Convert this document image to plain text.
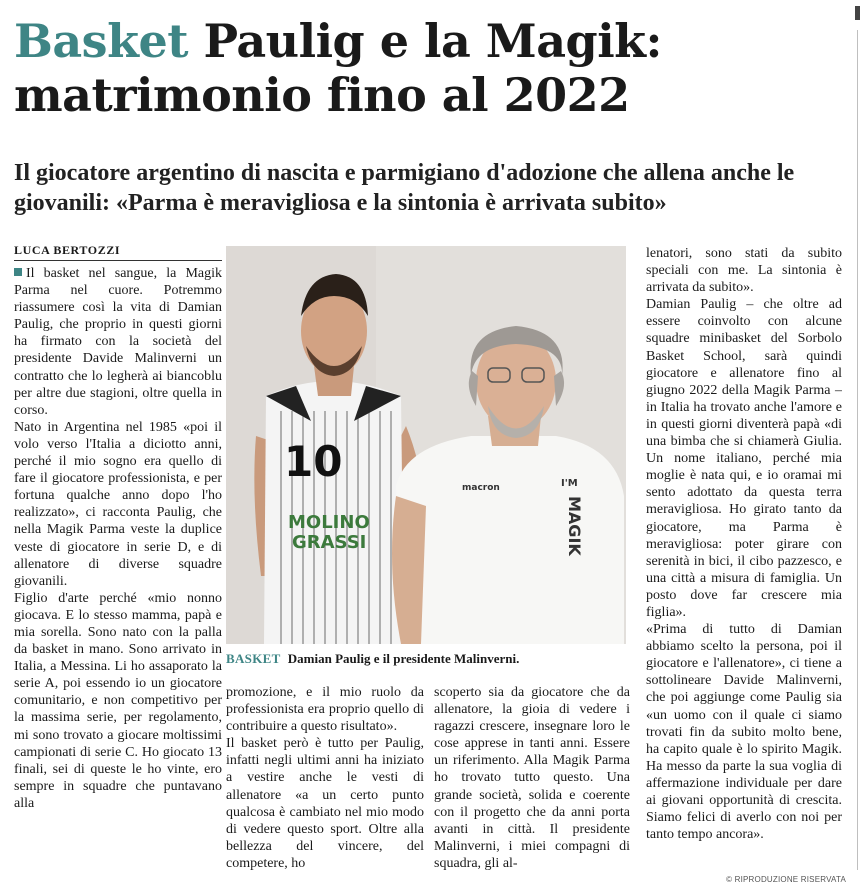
Basket Paulig e la Magik: matrimonio fino al 2022
Il giocatore argentino di nascita e parmigiano d'adozione che allena anche le giovanili: «Parma è meravigliosa e la sintonia è arrivata subito»
LUCA BERTOZZI

Il basket nel sangue, la Magik Parma nel cuore. Potremmo riassumere così la vita di Damian Paulig, che proprio in questi giorni ha firmato con la società del presidente Davide Malinverni un contratto che lo legherà ai biancoblu per altre due stagioni, oltre quella in corso.

Nato in Argentina nel 1985 «poi il volo verso l'Italia a diciotto anni, perché il mio sogno era quello di fare il giocatore professionista, e per fortuna qualche anno dopo l'ho realizzato», ci racconta Paulig, che nella Magik Parma veste la duplice veste di giocatore in serie D, e di allenatore di diverse squadre giovanili.

Figlio d'arte perché «mio nonno giocava. E lo stesso mamma, papà e mia sorella. Sono nato con la palla da basket in mano. Sono arrivato in Italia, a Messina. Li ho assaporato la serie A, poi essendo io un giocatore comunitario, e non competitivo per la massima serie, per regolamento, mi sono trovato a giocare moltissimi campionati di serie C. Ho giocato 13 finali, sei di queste le ho vinte, ero sempre in squadre che puntavano alla

10
MOLINO
GRASSI
macron	I'M
MAGIK
BASKET Damian Paulig e il presidente Malinverni.

promozione, e il mio ruolo da professionista era proprio quello di contribuire a questo risultato».

Il basket però è tutto per Paulig, infatti negli ultimi anni ha iniziato a vestire anche le vesti di allenatore «a un certo punto qualcosa è cambiato nel mio modo di vedere questo sport. Oltre alla bellezza del vincere, del competere, ho

scoperto sia da giocatore che da allenatore, la gioia di vedere i ragazzi crescere, insegnare loro le cose apprese in tanti anni. Essere un riferimento. Alla Magik Parma ho trovato tutto questo. Una grande società, solida e coerente con il progetto che da anni porta avanti in città. Il presidente Malinverni, i miei compagni di squadra, gli al-

lenatori, sono stati da subito speciali con me. La sintonia è arrivata da subito».

Damian Paulig – che oltre ad essere coinvolto con alcune squadre minibasket del Sorbolo Basket School, sarà quindi giocatore e allenatore fino al giugno 2022 della Magik Parma – in Italia ha trovato anche l'amore e in questi giorni diventerà papà «di una bimba che si chiamerà Giulia. Un nome italiano, perché mia moglie è nata qui, e io oramai mi sento adottato da questa terra meravigliosa. Ho girato tanto da giocatore, ma Parma è meravigliosa: poter girare con serenità in bici, il cibo pazzesco, e una città a misura di famiglia. Un posto dove far crescere mia figlia».

«Prima di tutto di Damian abbiamo scelto la persona, poi il giocatore e l'allenatore», ci tiene a sottolineare Davide Malinverni, che poi aggiunge come Paulig sia «un uomo con il quale ci siamo trovati fin da subito molto bene, ha capito quale è lo spirito Magik. Ha messo da parte la sua voglia di affermazione individuale per dare ai giovani opportunità di crescita. Siamo felici di averlo con noi per tanto tempo ancora».

© RIPRODUZIONE RISERVATA
